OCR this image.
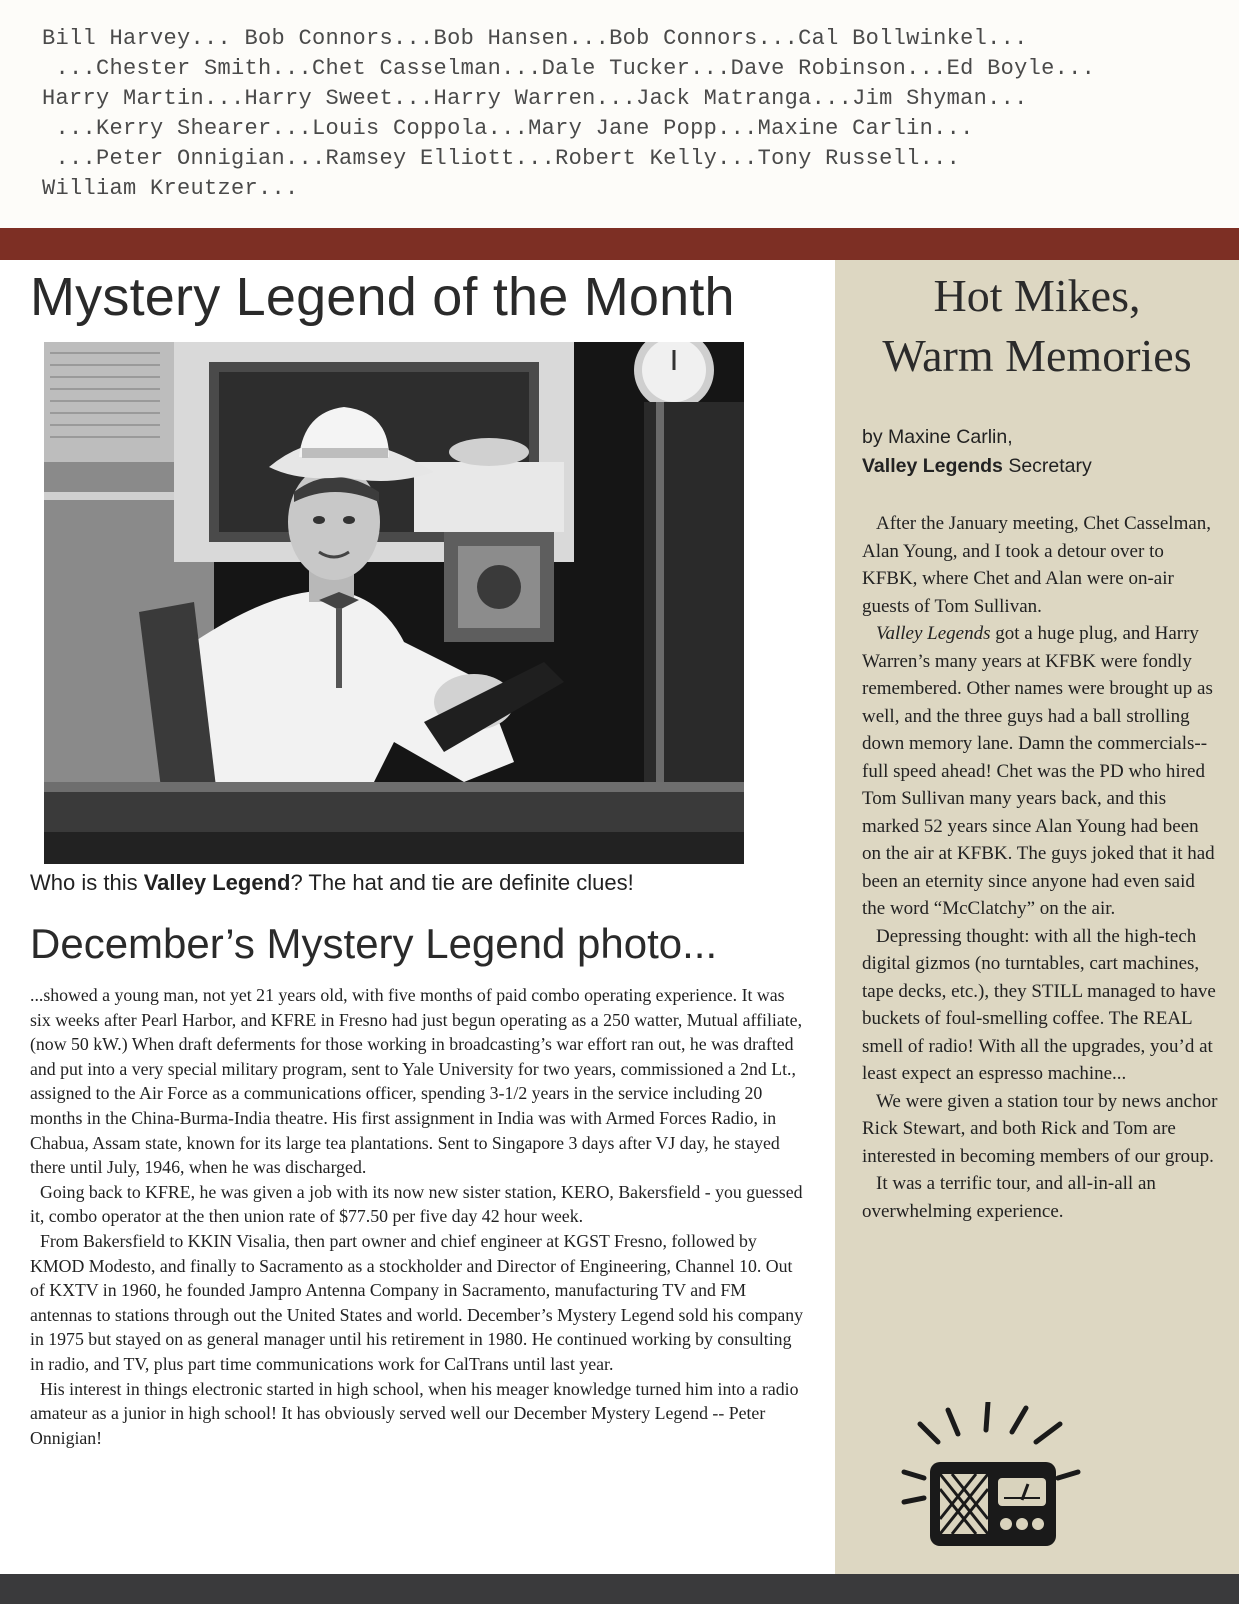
Bill Harvey... Bob Connors...Bob Hansen...Bob Connors...Cal Bollwinkel...
...Chester Smith...Chet Casselman...Dale Tucker...Dave Robinson...Ed Boyle...
Harry Martin...Harry Sweet...Harry Warren...Jack Matranga...Jim Shyman...
...Kerry Shearer...Louis Coppola...Mary Jane Popp...Maxine Carlin...
...Peter Onnigian...Ramsey Elliott...Robert Kelly...Tony Russell...
William Kreutzer...
Mystery Legend of the Month

Who is this Valley Legend? The hat and tie are definite clues!

December’s Mystery Legend photo...

...showed a young man, not yet 21 years old, with five months of paid combo operating experience. It was six weeks after Pearl Harbor, and KFRE in Fresno had just begun operating as a 250 watter, Mutual affiliate, (now 50 kW.) When draft deferments for those working in broadcasting’s war effort ran out, he was drafted and put into a very special military program, sent to Yale University for two years, commissioned a 2nd Lt., assigned to the Air Force as a communications officer, spending 3-1/2 years in the service including 20 months in the China-Burma-India theatre. His first assignment in India was with Armed Forces Radio, in Chabua, Assam state, known for its large tea plantations. Sent to Singapore 3 days after VJ day, he stayed there until July, 1946, when he was discharged.

Going back to KFRE, he was given a job with its now new sister station, KERO, Bakersfield - you guessed it, combo operator at the then union rate of $77.50 per five day 42 hour week.

From Bakersfield to KKIN Visalia, then part owner and chief engineer at KGST Fresno, followed by KMOD Modesto, and finally to Sacramento as a stockholder and Director of Engineering, Channel 10. Out of KXTV in 1960, he founded Jampro Antenna Company in Sacramento, manufacturing TV and FM antennas to stations through out the United States and world. December’s Mystery Legend sold his company in 1975 but stayed on as general manager until his retirement in 1980. He continued working by consulting in radio, and TV, plus part time communications work for CalTrans until last year.

His interest in things electronic started in high school, when his meager knowledge turned him into a radio amateur as a junior in high school! It has obviously served well our December Mystery Legend -- Peter Onnigian!

Hot Mikes,
Warm Memories
by Maxine Carlin,
Valley Legends Secretary

After the January meeting, Chet Casselman, Alan Young, and I took a detour over to KFBK, where Chet and Alan were on-air guests of Tom Sullivan.

Valley Legends got a huge plug, and Harry Warren’s many years at KFBK were fondly remembered. Other names were brought up as well, and the three guys had a ball strolling down memory lane. Damn the commercials--full speed ahead! Chet was the PD who hired Tom Sullivan many years back, and this marked 52 years since Alan Young had been on the air at KFBK. The guys joked that it had been an eternity since anyone had even said the word “McClatchy” on the air.

Depressing thought: with all the high-tech digital gizmos (no turntables, cart machines, tape decks, etc.), they STILL managed to have buckets of foul-smelling coffee. The REAL smell of radio! With all the upgrades, you’d at least expect an espresso machine...

We were given a station tour by news anchor Rick Stewart, and both Rick and Tom are interested in becoming members of our group.

It was a terrific tour, and all-in-all an overwhelming experience.
